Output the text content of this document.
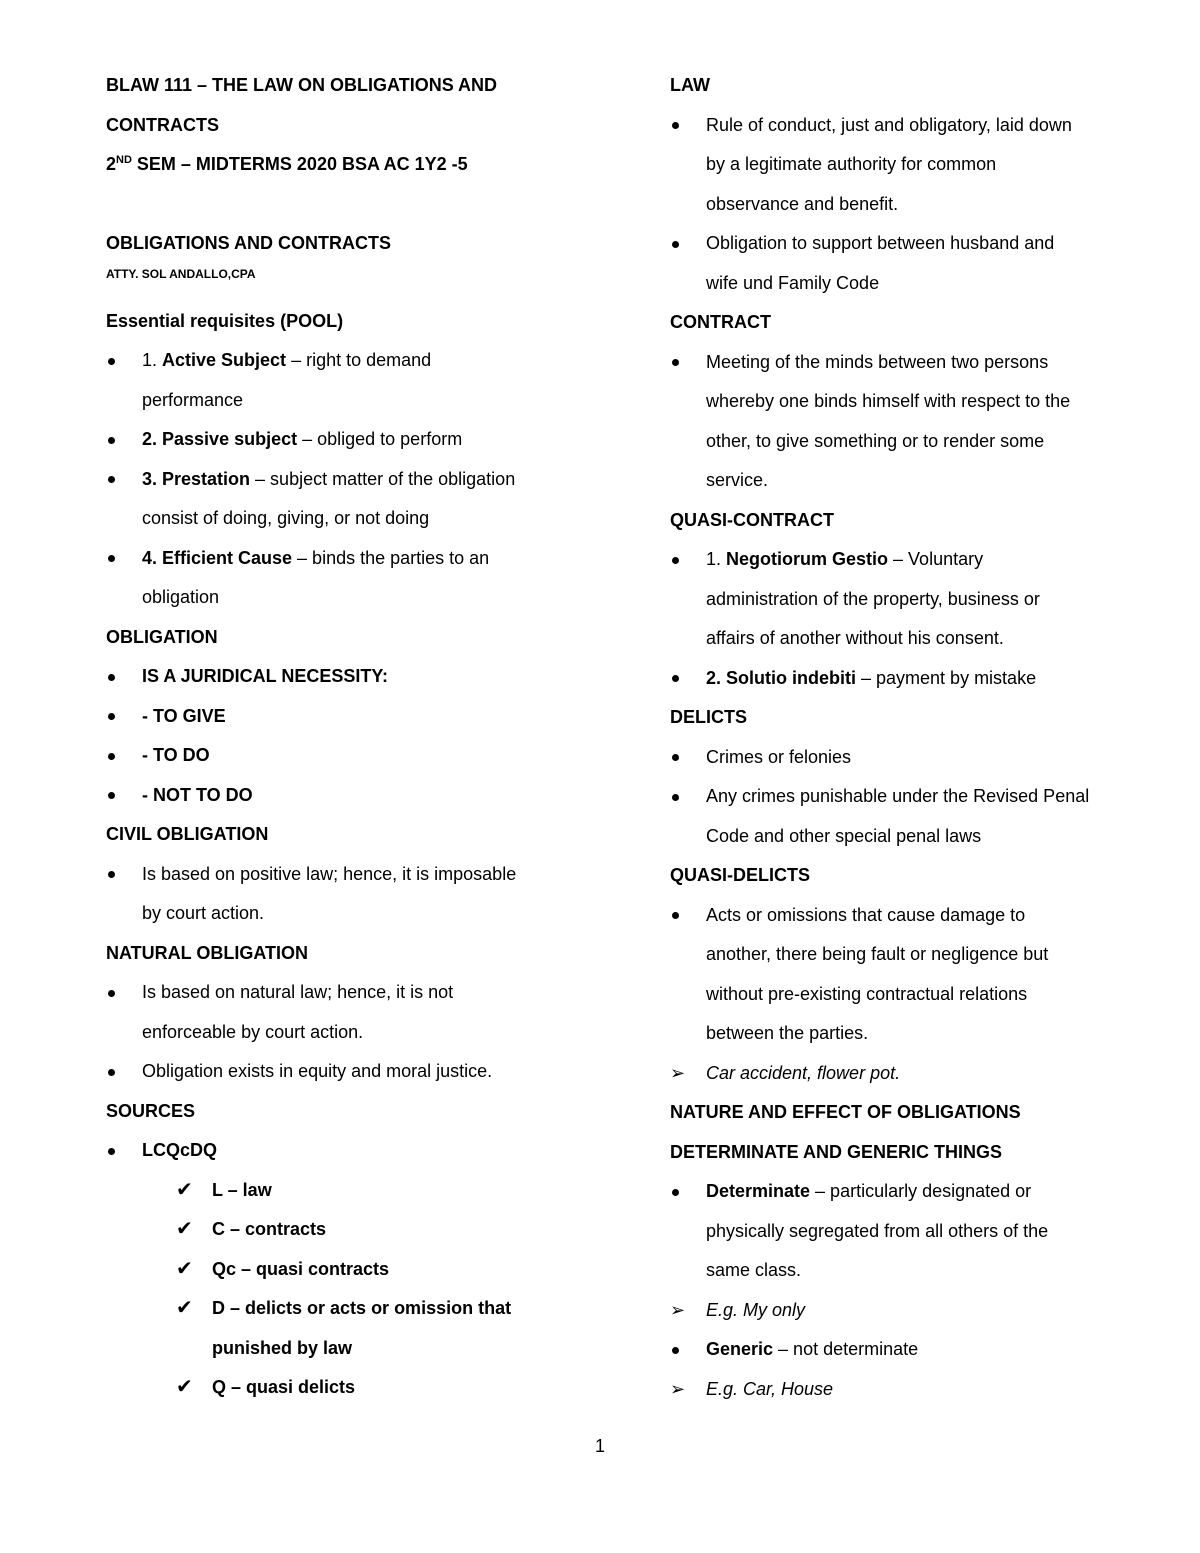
BLAW 111 – THE LAW ON OBLIGATIONS AND
CONTRACTS
2ND SEM – MIDTERMS 2020 BSA AC 1Y2 -5
OBLIGATIONS AND CONTRACTS
ATTY. SOL ANDALLO,CPA
Essential requisites (POOL)
1. Active Subject – right to demand
performance
2. Passive subject – obliged to perform
3. Prestation – subject matter of the obligation
consist of doing, giving, or not doing
4. Efficient Cause – binds the parties to an
obligation
OBLIGATION
IS A JURIDICAL NECESSITY:
- TO GIVE
- TO DO
- NOT TO DO
CIVIL OBLIGATION
Is based on positive law; hence, it is imposable
by court action.
NATURAL OBLIGATION
Is based on natural law; hence, it is not
enforceable by court action.
Obligation exists in equity and moral justice.
SOURCES
LCQcDQ
✔ L – law
✔ C – contracts
✔ Qc – quasi contracts
✔ D – delicts or acts or omission that
punished by law
✔ Q – quasi delicts
LAW
Rule of conduct, just and obligatory, laid down
by a legitimate authority for common
observance and benefit.
Obligation to support between husband and
wife und Family Code
CONTRACT
Meeting of the minds between two persons
whereby one binds himself with respect to the
other, to give something or to render some
service.
QUASI-CONTRACT
1. Negotiorum Gestio – Voluntary
administration of the property, business or
affairs of another without his consent.
2. Solutio indebiti – payment by mistake
DELICTS
Crimes or felonies
Any crimes punishable under the Revised Penal
Code and other special penal laws
QUASI-DELICTS
Acts or omissions that cause damage to
another, there being fault or negligence but
without pre-existing contractual relations
between the parties.
➢ Car accident, flower pot.
NATURE AND EFFECT OF OBLIGATIONS
DETERMINATE AND GENERIC THINGS
Determinate – particularly designated or
physically segregated from all others of the
same class.
➢ E.g. My only
Generic – not determinate
➢ E.g. Car, House
1
